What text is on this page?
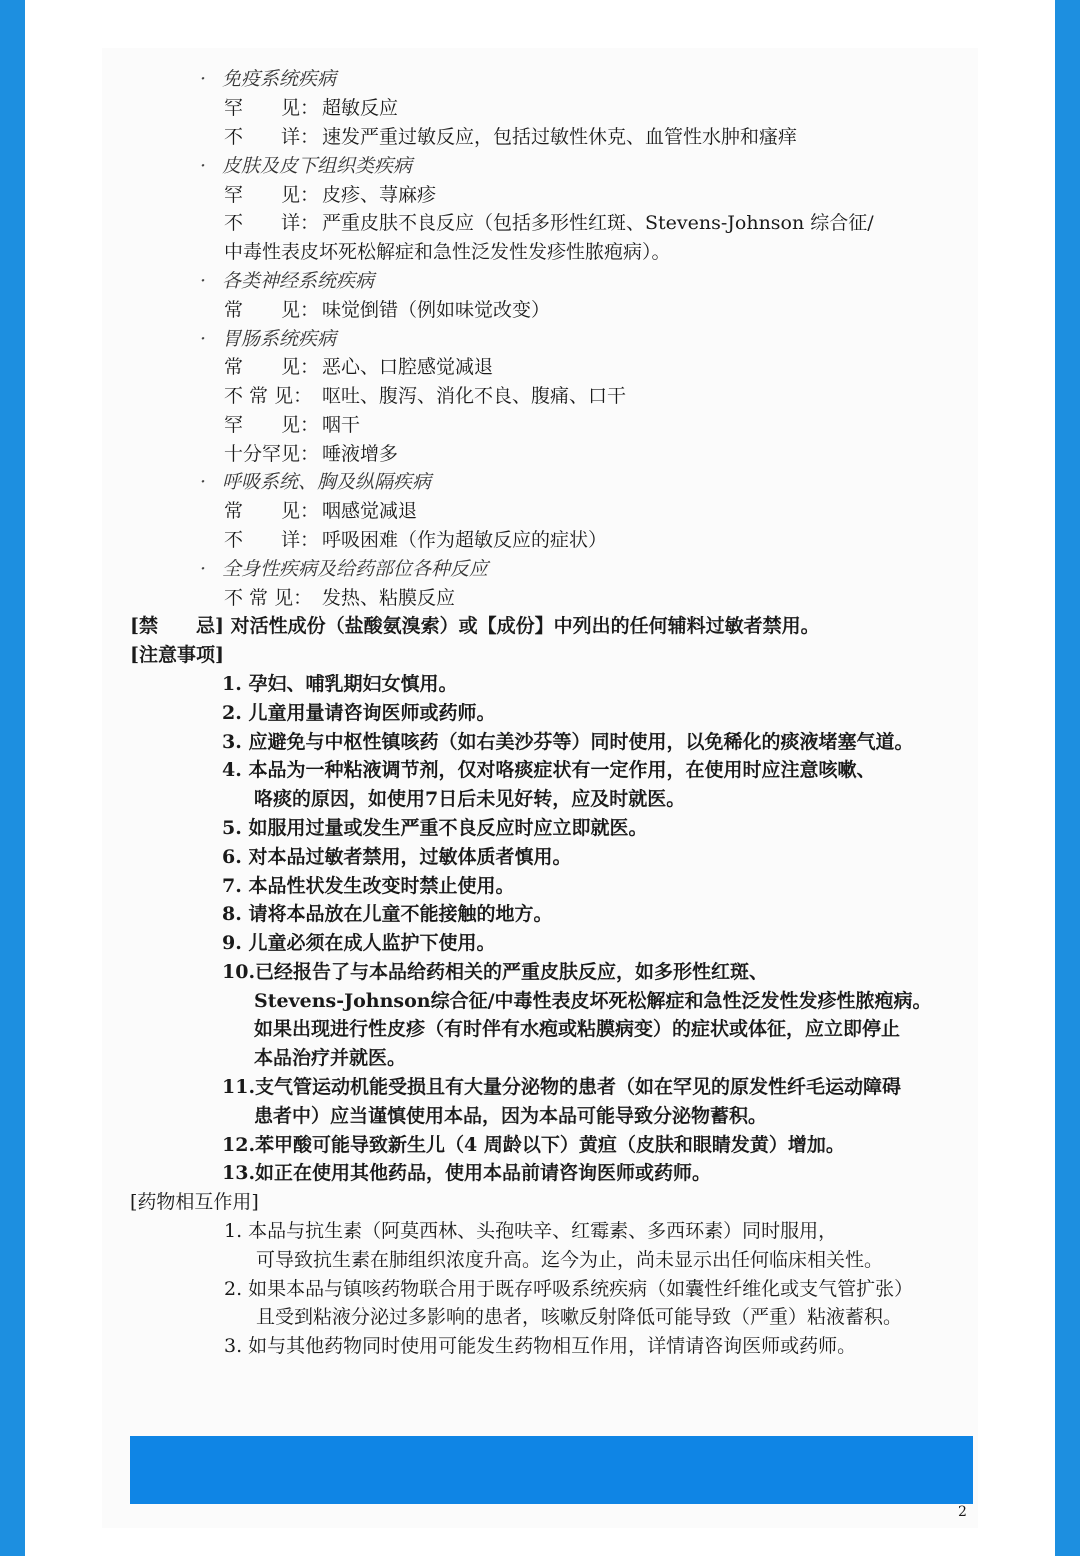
· 免疫系统疾病
罕　　见： 超敏反应
不　　详： 速发严重过敏反应，包括过敏性休克、血管性水肿和瘙痒
· 皮肤及皮下组织类疾病
罕　　见： 皮疹、荨麻疹
不　　详： 严重皮肤不良反应（包括多形性红斑、Stevens-Johnson 综合征/
中毒性表皮坏死松解症和急性泛发性发疹性脓疱病）。
· 各类神经系统疾病
常　　见： 味觉倒错（例如味觉改变）
· 胃肠系统疾病
常　　见： 恶心、口腔感觉减退
不 常 见： 呕吐、腹泻、消化不良、腹痛、口干
罕　　见： 咽干
十分罕见： 唾液增多
· 呼吸系统、胸及纵隔疾病
常　　见： 咽感觉减退
不　　详： 呼吸困难（作为超敏反应的症状）
· 全身性疾病及给药部位各种反应
不 常 见： 发热、粘膜反应
[禁　　忌] 对活性成份（盐酸氨溴索）或【成份】中列出的任何辅料过敏者禁用。
[注意事项]
1. 孕妇、哺乳期妇女慎用。
2. 儿童用量请咨询医师或药师。
3. 应避免与中枢性镇咳药（如右美沙芬等）同时使用，以免稀化的痰液堵塞气道。
4. 本品为一种粘液调节剂，仅对咯痰症状有一定作用，在使用时应注意咳嗽、
咯痰的原因，如使用7日后未见好转，应及时就医。
5. 如服用过量或发生严重不良反应时应立即就医。
6. 对本品过敏者禁用，过敏体质者慎用。
7. 本品性状发生改变时禁止使用。
8. 请将本品放在儿童不能接触的地方。
9. 儿童必须在成人监护下使用。
10.已经报告了与本品给药相关的严重皮肤反应，如多形性红斑、
Stevens-Johnson综合征/中毒性表皮坏死松解症和急性泛发性发疹性脓疱病。
如果出现进行性皮疹（有时伴有水疱或粘膜病变）的症状或体征，应立即停止
本品治疗并就医。
11.支气管运动机能受损且有大量分泌物的患者（如在罕见的原发性纤毛运动障碍
患者中）应当谨慎使用本品，因为本品可能导致分泌物蓄积。
12.苯甲酸可能导致新生儿（4 周龄以下）黄疸（皮肤和眼睛发黄）增加。
13.如正在使用其他药品，使用本品前请咨询医师或药师。
[药物相互作用]
1. 本品与抗生素（阿莫西林、头孢呋辛、红霉素、多西环素）同时服用，
可导致抗生素在肺组织浓度升高。迄今为止，尚未显示出任何临床相关性。
2. 如果本品与镇咳药物联合用于既存呼吸系统疾病（如囊性纤维化或支气管扩张）
且受到粘液分泌过多影响的患者，咳嗽反射降低可能导致（严重）粘液蓄积。
3. 如与其他药物同时使用可能发生药物相互作用，详情请咨询医师或药师。
2
